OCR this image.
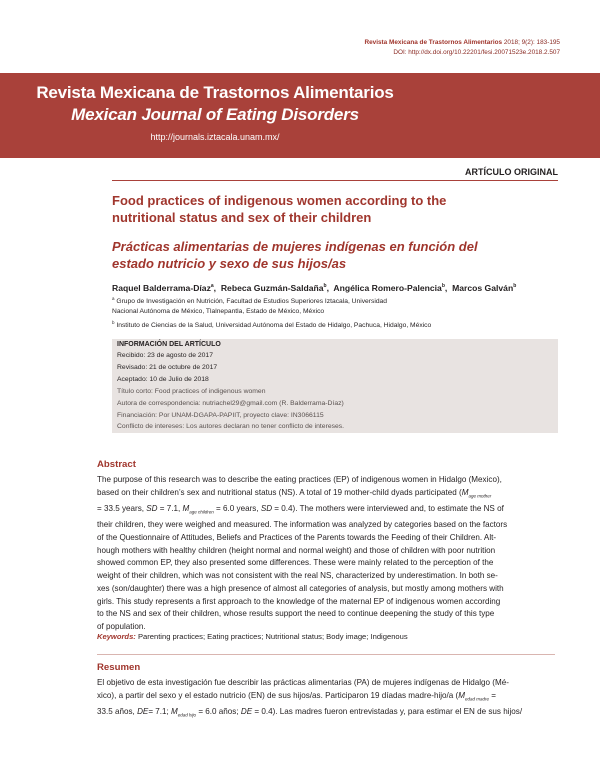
Revista Mexicana de Trastornos Alimentarios 2018; 9(2): 183-195
DOI: http://dx.doi.org/10.22201/fesi.20071523e.2018.2.507
Revista Mexicana de Trastornos Alimentarios
Mexican Journal of Eating Disorders
http://journals.iztacala.unam.mx/
ARTÍCULO ORIGINAL
Food practices of indigenous women according to the nutritional status and sex of their children
Prácticas alimentarias de mujeres indígenas en función del estado nutricio y sexo de sus hijos/as
Raquel Balderrama-Díaz$^a$,  Rebeca Guzmán-Saldaña$^b$,  Angélica Romero-Palencia$^b$,  Marcos Galván$^b$
$^a$ Grupo de Investigación en Nutrición, Facultad de Estudios Superiores Iztacala, Universidad
Nacional Autónoma de México, Tlalnepantla, Estado de México, México
$^b$ Instituto de Ciencias de la Salud, Universidad Autónoma del Estado de Hidalgo, Pachuca, Hidalgo, México
INFORMACIÓN DEL ARTÍCULO
Recibido: 23 de agosto de 2017
Revisado: 21 de octubre de 2017
Aceptado: 10 de Julio de 2018
Título corto: Food practices of indigenous women
Autora de correspondencia: nutriachel29@gmail.com (R. Balderrama-Díaz)
Financiación: Por UNAM-DGAPA-PAPIIT, proyecto clave: IN3066115
Conflicto de intereses: Los autores declaran no tener conflicto de intereses.
Abstract
The purpose of this research was to describe the eating practices (EP) of indigenous women in Hidalgo (Mexico),
based on their children’s sex and nutritional status (NS). A total of 19 mother-child dyads participated ($M_{age mother}$
= 33.5 years, SD = 7.1, $M_{age children} = 6.0$ years, SD = 0.4). The mothers were interviewed and, to estimate the NS of
their children, they were weighed and measured. The information was analyzed by categories based on the factors
of the Questionnaire of Attitudes, Beliefs and Practices of the Parents towards the Feeding of their Children. Alt-
hough mothers with healthy children (height normal and normal weight) and those of children with poor nutrition
showed common EP, they also presented some differences. These were mainly related to the perception of the
weight of their children, which was not consistent with the real NS, characterized by underestimation. In both se-
xes (son/daughter) there was a high presence of almost all categories of analysis, but mostly among mothers with
girls. This study represents a first approach to the knowledge of the maternal EP of indigenous women according
to the NS and sex of their children, whose results support the need to continue deepening the study of this type
of population.
Keywords: Parenting practices; Eating practices; Nutritional status; Body image; Indigenous
Resumen
El objetivo de esta investigación fue describir las prácticas alimentarias (PA) de mujeres indígenas de Hidalgo (Mé-
xico), a partir del sexo y el estado nutricio (EN) de sus hijos/as. Participaron 19 díadas madre-hijo/a ($M_{edad madre}$ =
33.5 años, DE= 7.1; $M_{edad hijo} = 6.0$ años; DE = 0.4). Las madres fueron entrevistadas y, para estimar el EN de sus hijos/
